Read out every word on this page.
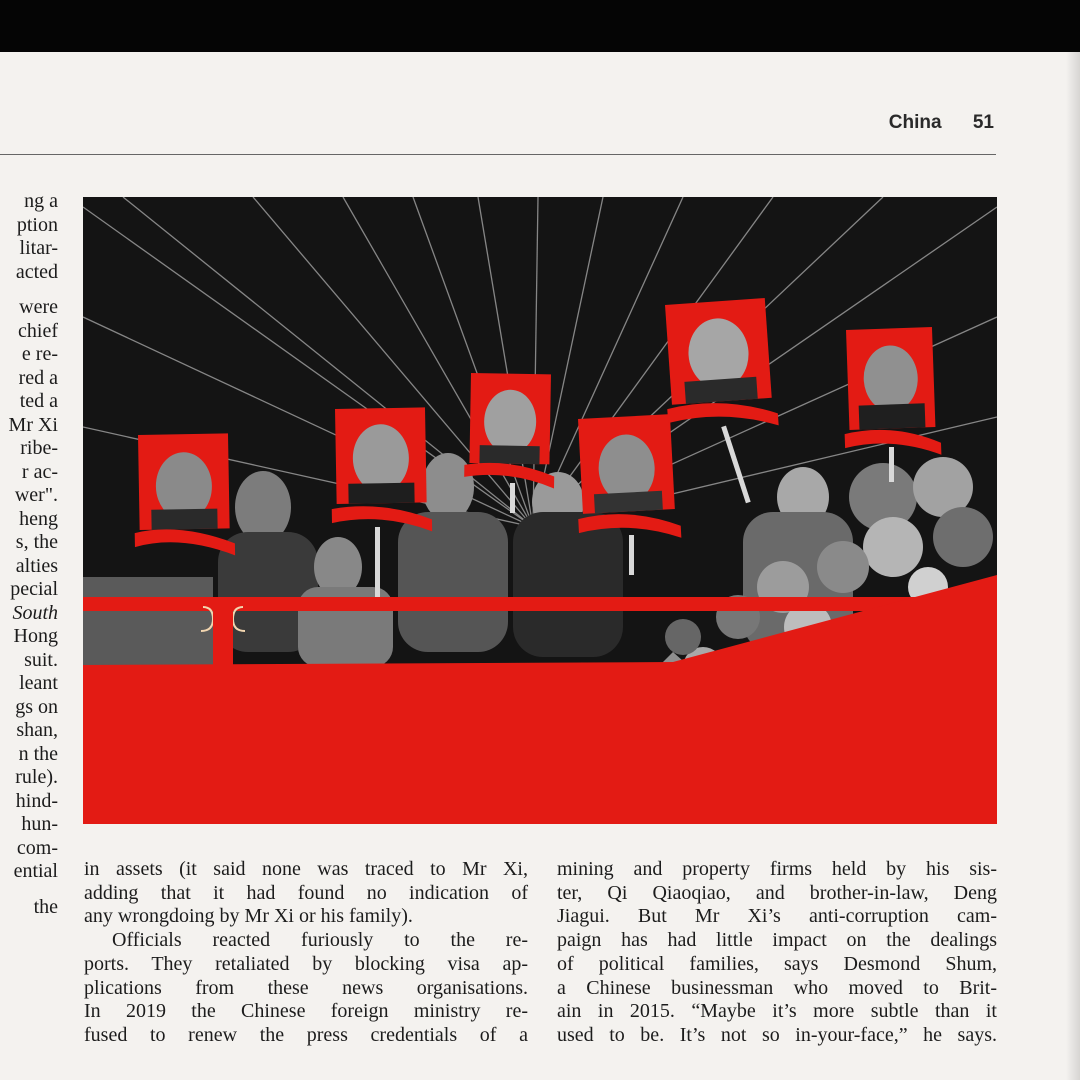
China 51
ng a
ption
litar-
acted
were
chief
e re-
red a
ted a
Mr Xi
ribe-
r ac-
wer".
heng
s, the
alties
pecial
South
Hong
suit.
leant
gs on
shan,
n the
rule).
hind-
hun-
com-
ential
the

in assets (it said none was traced to Mr Xi,

adding that it had found no indication of

any wrongdoing by Mr Xi or his family).

Officials reacted furiously to the re-

ports. They retaliated by blocking visa ap-

plications from these news organisations.

In 2019 the Chinese foreign ministry re-

fused to renew the press credentials of a

mining and property firms held by his sis-

ter, Qi Qiaoqiao, and brother-in-law, Deng

Jiagui. But Mr Xi’s anti-corruption cam-

paign has had little impact on the dealings

of political families, says Desmond Shum,

a Chinese businessman who moved to Brit-

ain in 2015. “Maybe it’s more subtle than it

used to be. It’s not so in-your-face,” he says.
